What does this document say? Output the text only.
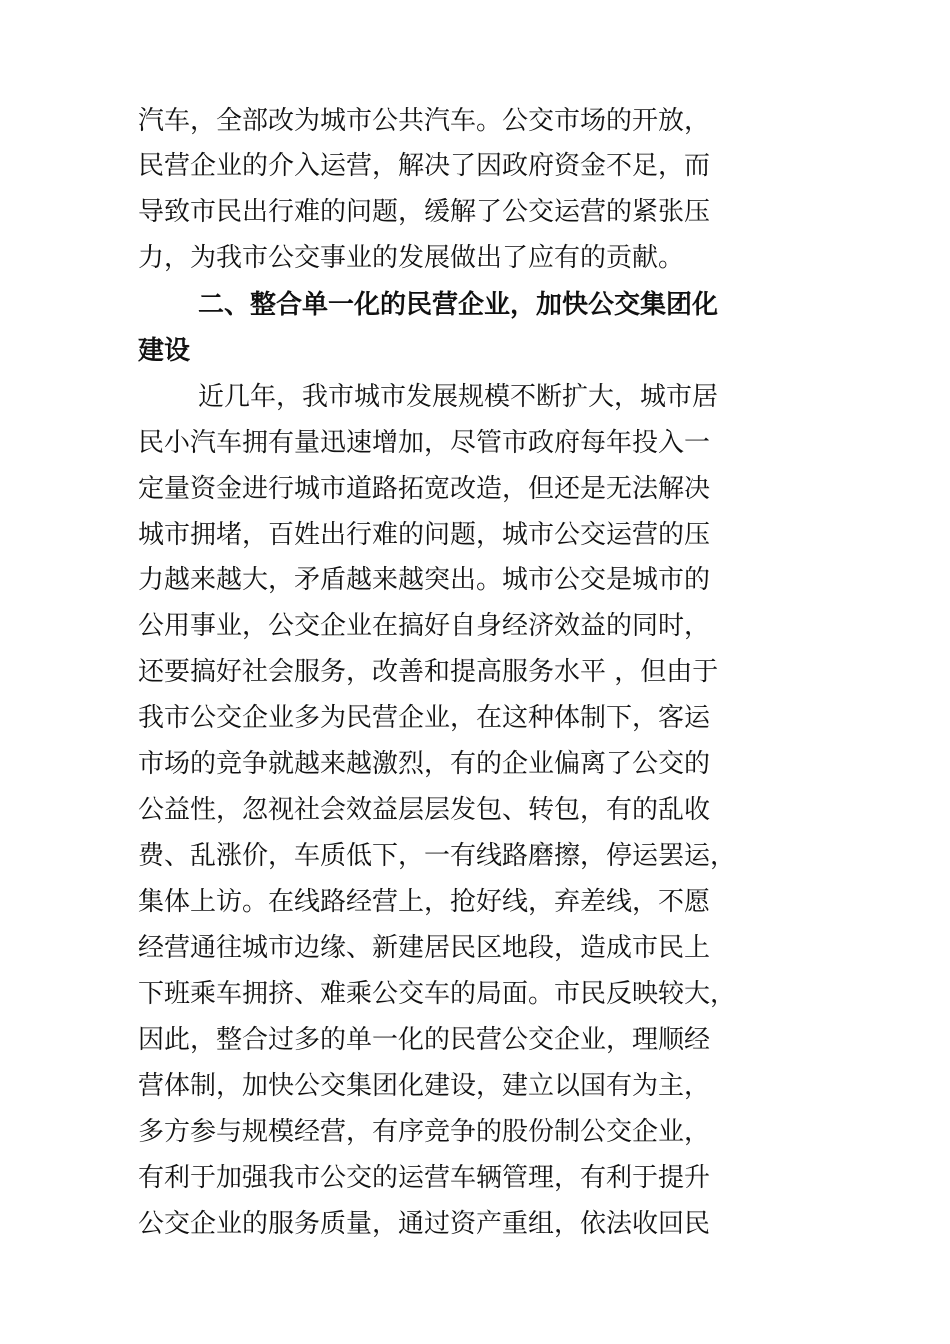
汽车，全部改为城市公共汽车。公交市场的开放，
民营企业的介入运营，解决了因政府资金不足，而
导致市民出行难的问题，缓解了公交运营的紧张压
力，为我市公交事业的发展做出了应有的贡献。
二、整合单一化的民营企业，加快公交集团化
建设
近几年，我市城市发展规模不断扩大，城市居
民小汽车拥有量迅速增加，尽管市政府每年投入一
定量资金进行城市道路拓宽改造，但还是无法解决
城市拥堵，百姓出行难的问题，城市公交运营的压
力越来越大，矛盾越来越突出。城市公交是城市的
公用事业，公交企业在搞好自身经济效益的同时，
还要搞好社会服务，改善和提高服务水平 ，但由于
我市公交企业多为民营企业，在这种体制下，客运
市场的竞争就越来越激烈，有的企业偏离了公交的
公益性，忽视社会效益层层发包、转包，有的乱收
费、乱涨价，车质低下，一有线路磨擦，停运罢运，
集体上访。在线路经营上，抢好线，弃差线，不愿
经营通往城市边缘、新建居民区地段，造成市民上
下班乘车拥挤、难乘公交车的局面。市民反映较大，
因此，整合过多的单一化的民营公交企业，理顺经
营体制，加快公交集团化建设，建立以国有为主，
多方参与规模经营，有序竞争的股份制公交企业，
有利于加强我市公交的运营车辆管理，有利于提升
公交企业的服务质量，通过资产重组，依法收回民
